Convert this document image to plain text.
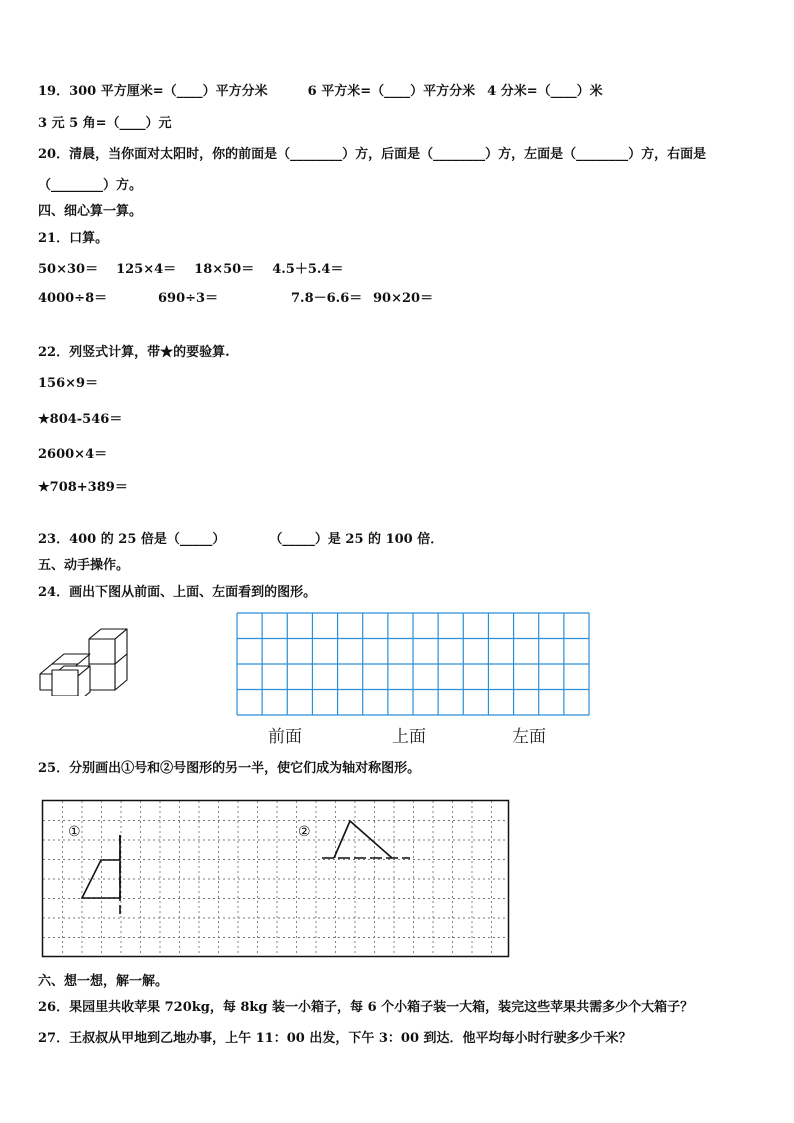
19．300 平方厘米=（____）平方分米	6 平方米=（____）平方分米 4 分米=（____）米
3 元 5 角=（____）元
20．清晨，当你面对太阳时，你的前面是（________）方，后面是（________）方，左面是（________）方，右面是
（________）方。
四、细心算一算。
21．口算。
50×30＝ 125×4＝ 18×50＝ 4.5＋5.4＝
4000÷8＝	690÷3＝	7.8－6.6＝ 90×20＝
22．列竖式计算，带★的要验算.
156×9＝
★804-546＝
2600×4＝
★708+389＝
23．400 的 25 倍是（_____）	（_____）是 25 的 100 倍．
五、动手操作。
24．画出下图从前面、上面、左面看到的图形。
前面	上面	左面
25．分别画出①号和②号图形的另一半，使它们成为轴对称图形。
①	②
六、想一想，解一解。
26．果园里共收苹果 720kg，每 8kg 装一小箱子，每 6 个小箱子装一大箱，装完这些苹果共需多少个大箱子？
27．王叔叔从甲地到乙地办事，上午 11：00 出发，下午 3：00 到达．他平均每小时行驶多少千米？
